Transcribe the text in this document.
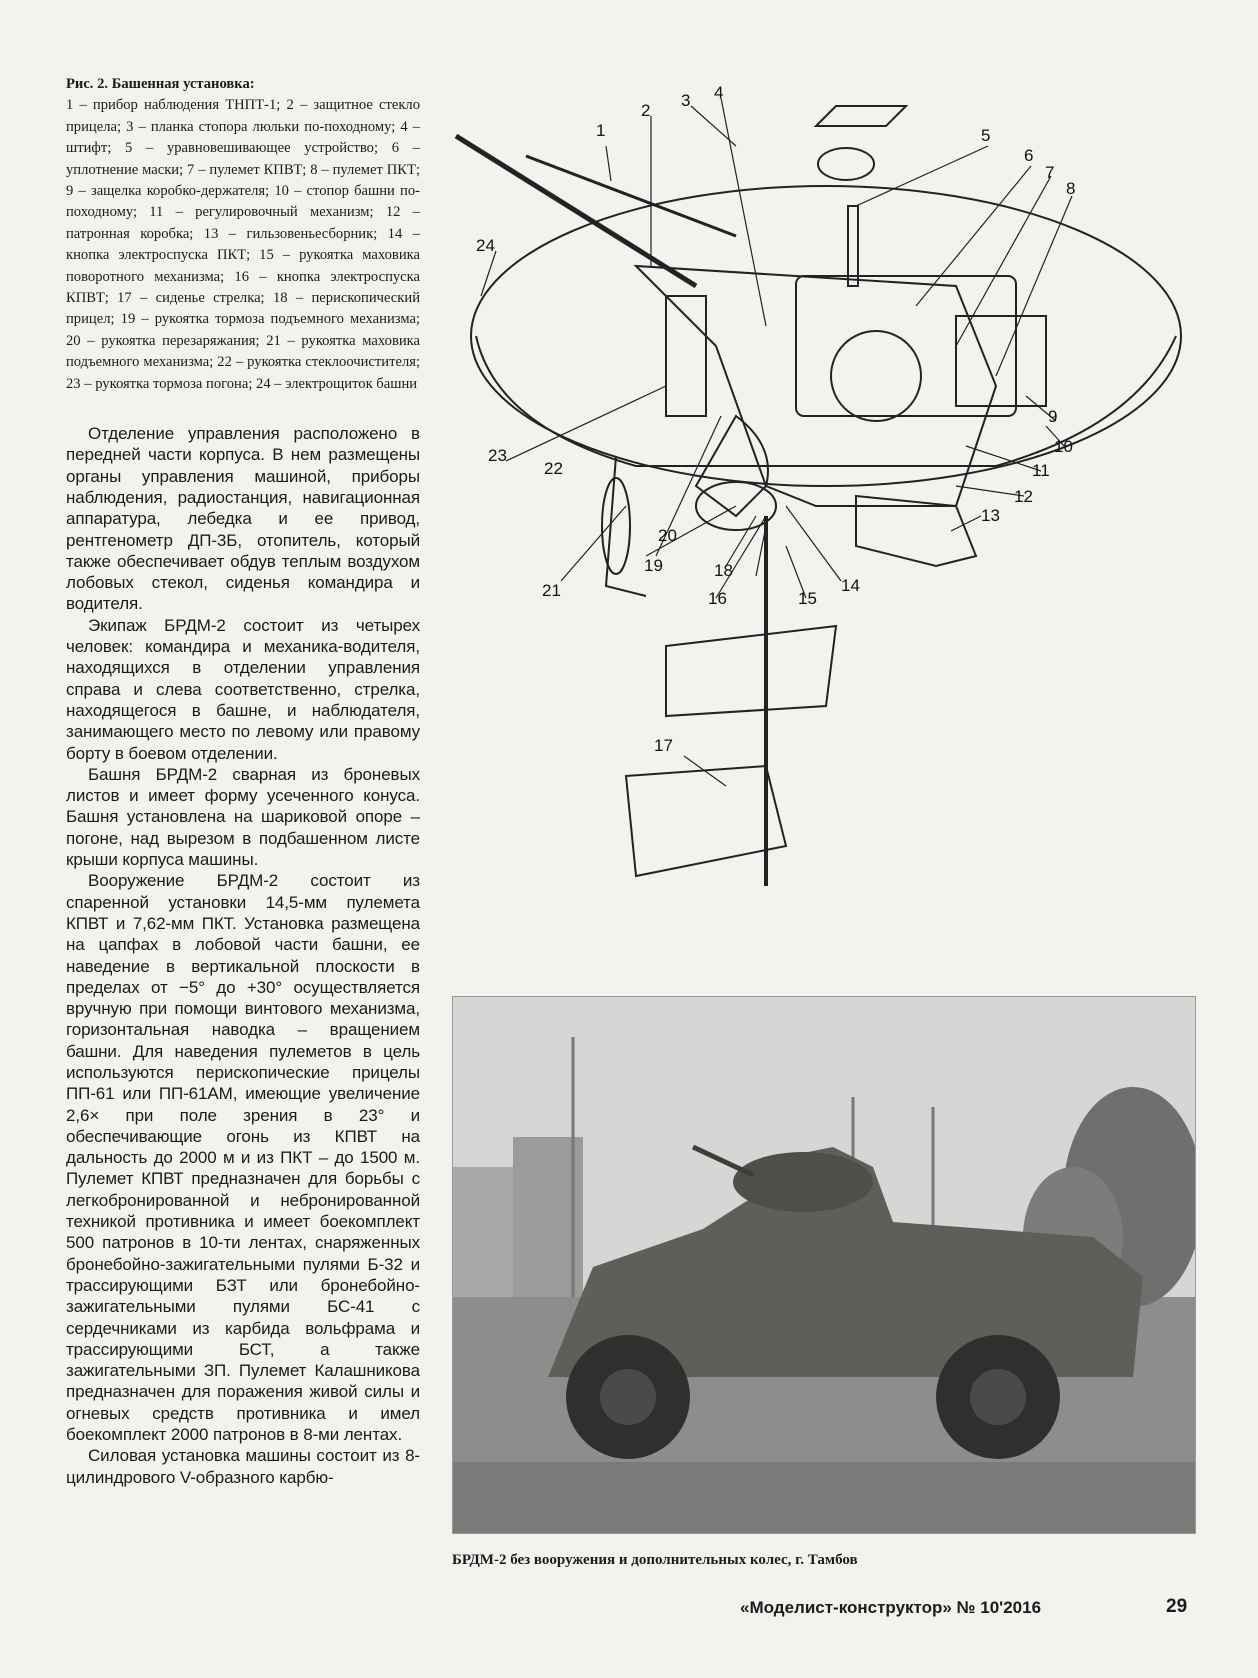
Рис. 2. Башенная установка:
1 – прибор наблюдения ТНПТ-1; 2 – защитное стекло прицела; 3 – планка стопора люльки по-походному; 4 – штифт; 5 – уравновешивающее устройство; 6 – уплотнение маски; 7 – пулемет КПВТ; 8 – пулемет ПКТ; 9 – защелка коробко-держателя; 10 – стопор башни по-походному; 11 – регулировочный механизм; 12 – патронная коробка; 13 – гильзовеньесборник; 14 – кнопка электроспуска ПКТ; 15 – рукоятка маховика поворотного механизма; 16 – кнопка электроспуска КПВТ; 17 – сиденье стрелка; 18 – перископический прицел; 19 – рукоятка тормоза подъемного механизма; 20 – рукоятка перезаряжания; 21 – рукоятка маховика подъемного механизма; 22 – рукоятка стеклоочистителя; 23 – рукоятка тормоза погона; 24 – электрощиток башни

Отделение управления расположено в передней части корпуса. В нем размещены органы управления машиной, приборы наблюдения, радиостанция, навигационная аппаратура, лебедка и ее привод, рентгенометр ДП-3Б, отопитель, который также обеспечивает обдув теплым воздухом лобовых стекол, сиденья командира и водителя.

Экипаж БРДМ-2 состоит из четырех человек: командира и механика-водителя, находящихся в отделении управления справа и слева соответственно, стрелка, находящегося в башне, и наблюдателя, занимающего место по левому или правому борту в боевом отделении.

Башня БРДМ-2 сварная из броневых листов и имеет форму усеченного конуса. Башня установлена на шариковой опоре – погоне, над вырезом в подбашенном листе крыши корпуса машины.

Вооружение БРДМ-2 состоит из спаренной установки 14,5-мм пулемета КПВТ и 7,62-мм ПКТ. Установка размещена на цапфах в лобовой части башни, ее наведение в вертикальной плоскости в пределах от −5° до +30° осуществляется вручную при помощи винтового механизма, горизонтальная наводка – вращением башни. Для наведения пулеметов в цель используются перископические прицелы ПП-61 или ПП-61АМ, имеющие увеличение 2,6× при поле зрения в 23° и обеспечивающие огонь из КПВТ на дальность до 2000 м и из ПКТ – до 1500 м. Пулемет КПВТ предназначен для борьбы с легкобронированной и небронированной техникой противника и имеет боекомплект 500 патронов в 10-ти лентах, снаряженных бронебойно-зажигательными пулями Б-32 и трассирующими БЗТ или бронебойно-зажигательными пулями БС-41 с сердечниками из карбида вольфрама и трассирующими БСТ, а также зажигательными ЗП. Пулемет Калашникова предназначен для поражения живой силы и огневых средств противника и имел боекомплект 2000 патронов в 8-ми лентах.

Силовая установка машины состоит из 8-цилиндрового V-образного карбю-

1
2
3 4
5
6
7
8
9
10
11
12
13
14
15
16
17
18
19
20
21
22
23
24

БРДМ-2 без вооружения и дополнительных колес, г. Тамбов

«Моделист-конструктор» № 10'2016	29
